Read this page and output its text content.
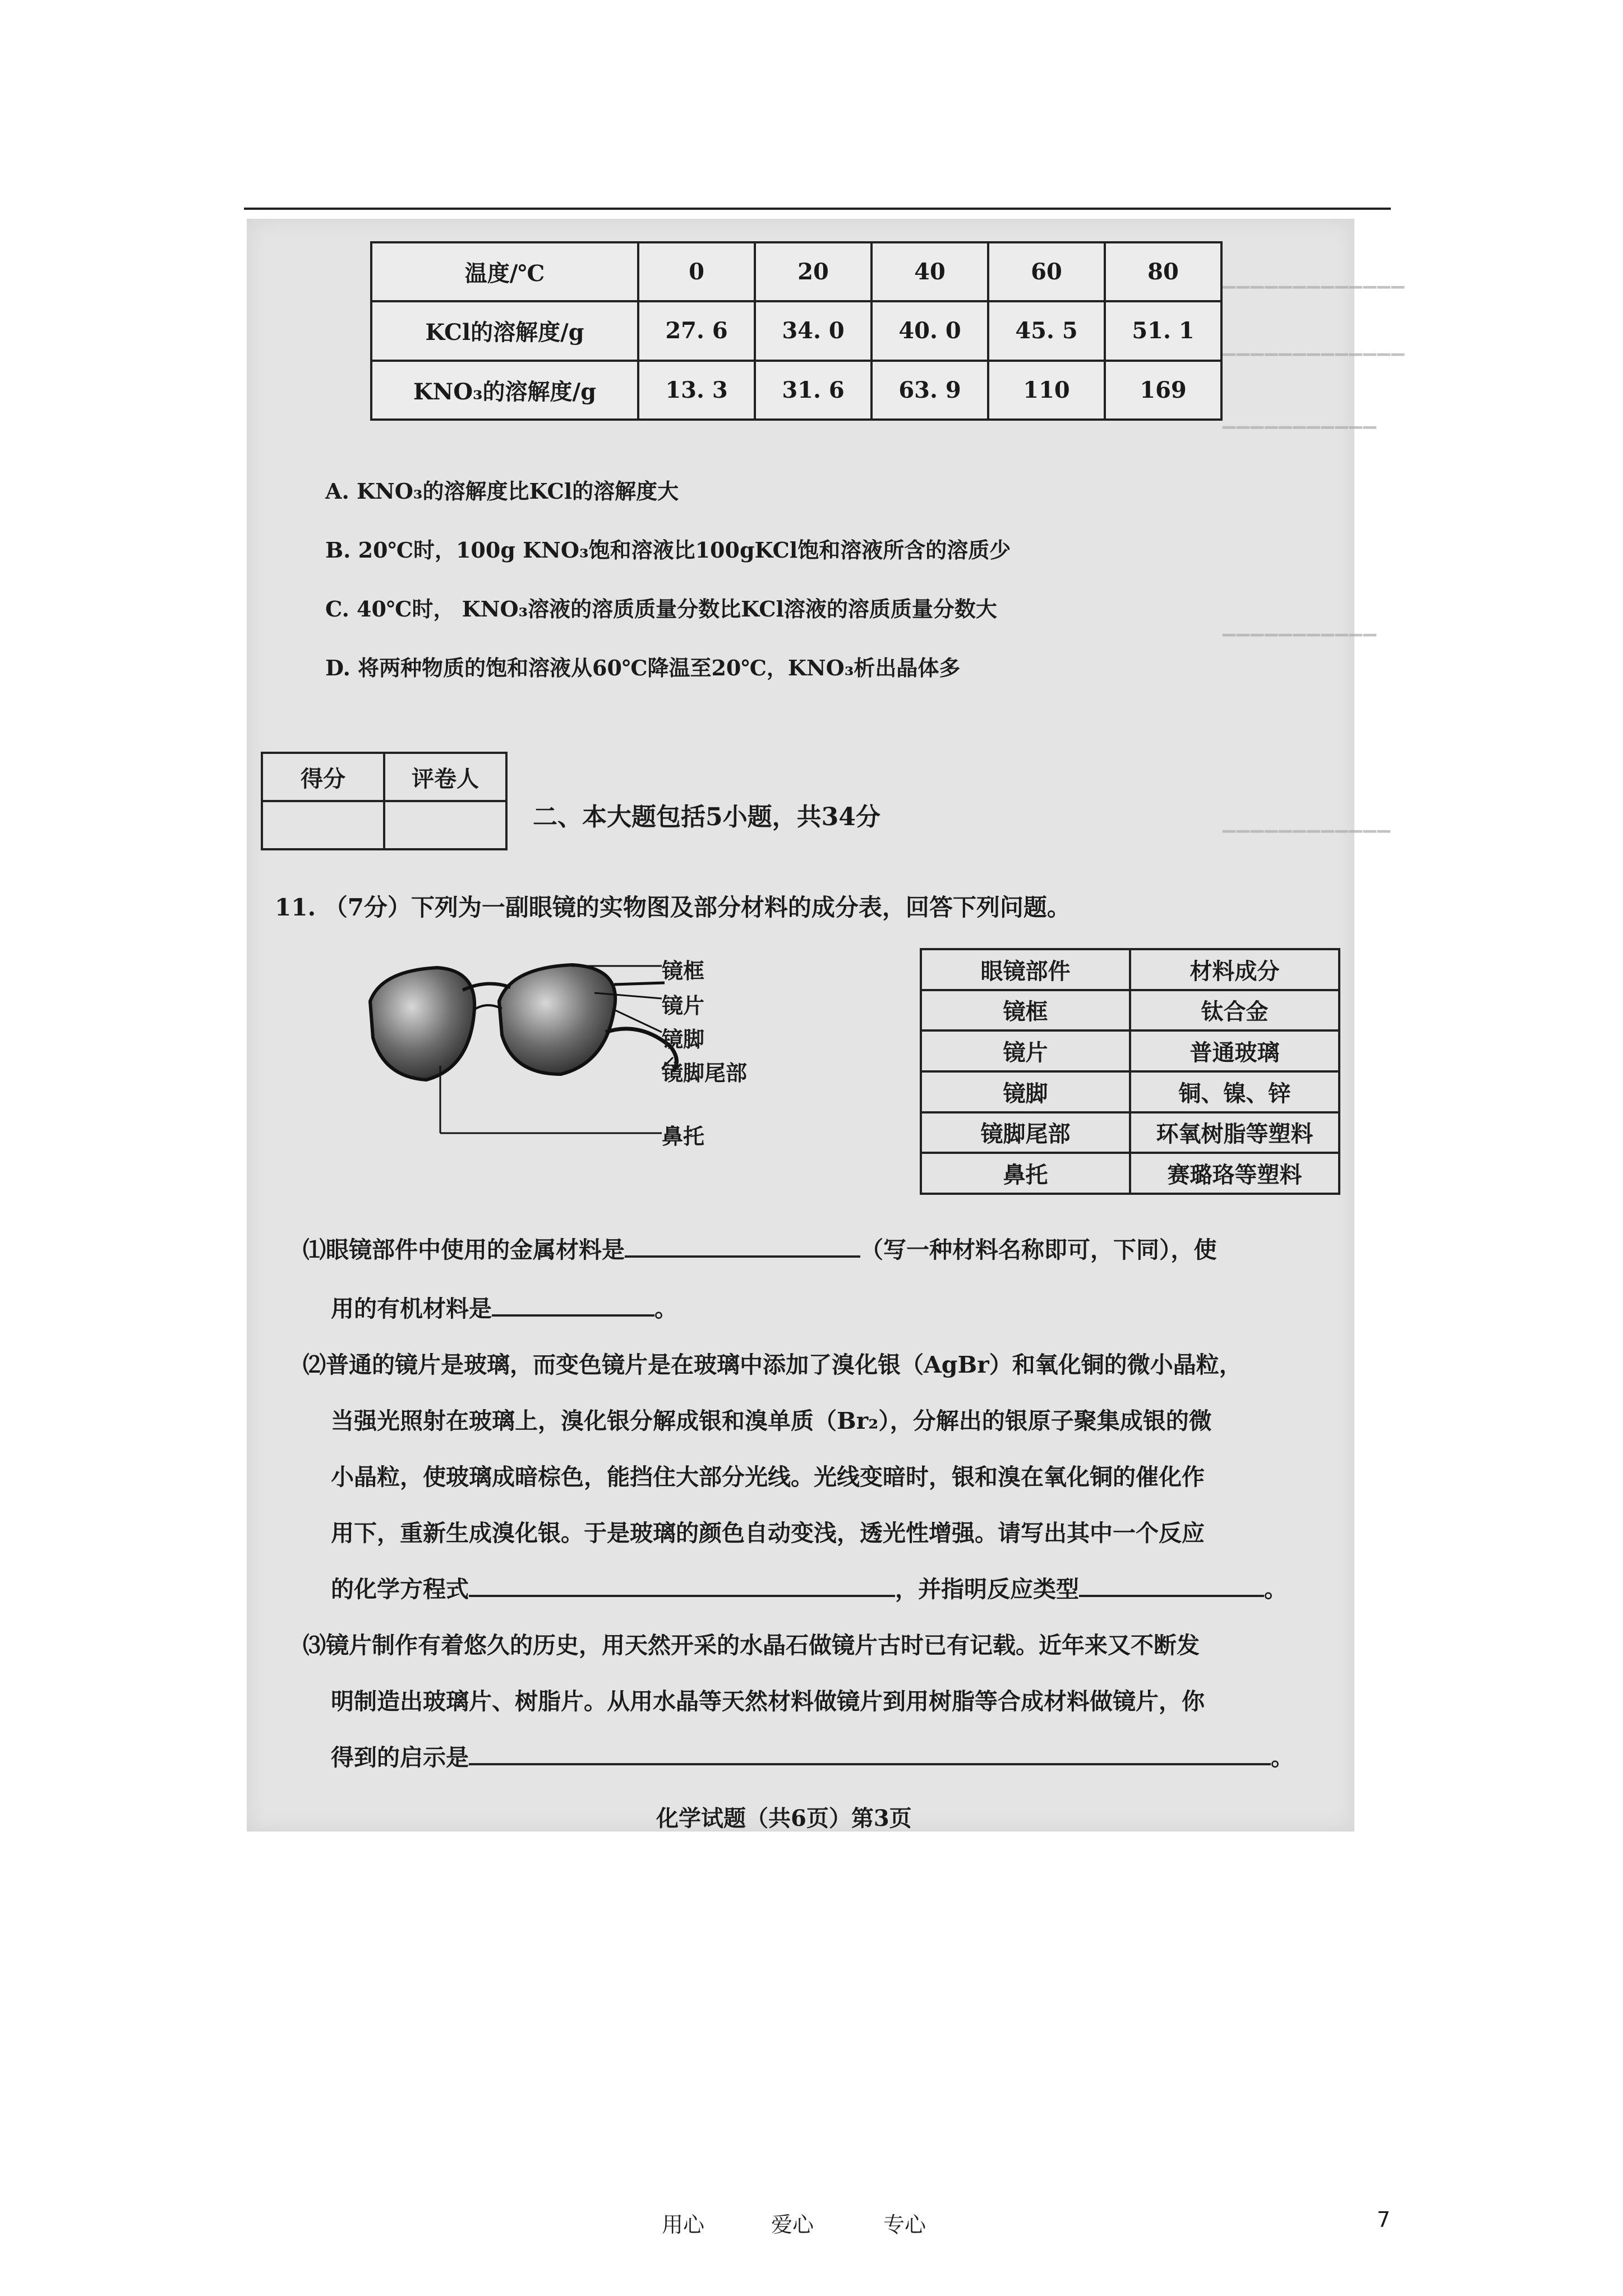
▁▁▁▁▁▁▁▁▁▁▁▁▁
▁▁▁▁▁▁▁▁▁▁▁▁▁
▁▁▁▁▁▁▁▁▁▁▁
▁▁▁▁▁▁▁▁▁▁▁
▁▁▁▁▁▁▁▁▁▁▁▁
温度/℃	0	20	40	60	80
KCl的溶解度/g	27. 6	34. 0	40. 0	45. 5	51. 1
KNO₃的溶解度/g	13. 3	31. 6	63. 9	110	169
A. KNO₃的溶解度比KCl的溶解度大
B. 20℃时，100g KNO₃饱和溶液比100gKCl饱和溶液所含的溶质少
C. 40℃时， KNO₃溶液的溶质质量分数比KCl溶液的溶质质量分数大
D. 将两种物质的饱和溶液从60℃降温至20℃，KNO₃析出晶体多
得分	评卷人

二、本大题包括5小题，共34分
11. （7分）下列为一副眼镜的实物图及部分材料的成分表，回答下列问题。
镜框
镜片
镜脚
镜脚尾部
鼻托
眼镜部件	材料成分
镜框	钛合金
镜片	普通玻璃
镜脚	铜、镍、锌
镜脚尾部	环氧树脂等塑料
鼻托	赛璐珞等塑料
⑴眼镜部件中使用的金属材料是	（写一种材料名称即可，下同），使
用的有机材料是	。
⑵普通的镜片是玻璃，而变色镜片是在玻璃中添加了溴化银（AgBr）和氧化铜的微小晶粒，
当强光照射在玻璃上，溴化银分解成银和溴单质（Br₂），分解出的银原子聚集成银的微
小晶粒，使玻璃成暗棕色，能挡住大部分光线。光线变暗时，银和溴在氧化铜的催化作
用下，重新生成溴化银。于是玻璃的颜色自动变浅，透光性增强。请写出其中一个反应
的化学方程式	，并指明反应类型	。
⑶镜片制作有着悠久的历史，用天然开采的水晶石做镜片古时已有记载。近年来又不断发
明制造出玻璃片、树脂片。从用水晶等天然材料做镜片到用树脂等合成材料做镜片，你
得到的启示是	。
化学试题（共6页）第3页
用心	爱心	专心	7
